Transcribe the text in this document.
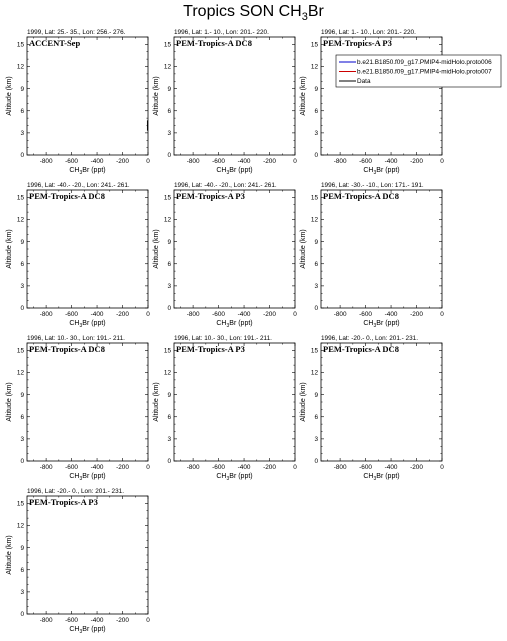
Tropics SON $CH_3Br$
1999, Lat: 25.- 35., Lon: 256.- 276.
0
3
6
9
12
15
-800 -600 -400 -200	0
$CH_3Br$ (ppt)
Altitude (km)
ACCENT-Sep
1996, Lat: 1.- 10., Lon: 201.- 220.
0
3
6
9
12
15
-800 -600 -400 -200	0
$CH_3Br$ (ppt)
Altitude (km)
PEM-Tropics-A DC8
1996, Lat: 1.- 10., Lon: 201.- 220.
0
3
6
9
12
15
-800 -600 -400 -200	0
$CH_3Br$ (ppt)
Altitude (km)
PEM-Tropics-A P3
1996, Lat: -40.- -20., Lon: 241.- 261.
0
3
6
9
12
15
-800 -600 -400 -200	0
$CH_3Br$ (ppt)
Altitude (km)
PEM-Tropics-A DC8
1996, Lat: -40.- -20., Lon: 241.- 261.
0
3
6
9
12
15
-800 -600 -400 -200	0
$CH_3Br$ (ppt)
Altitude (km)
PEM-Tropics-A P3
1996, Lat: -30.- -10., Lon: 171.- 191.
0
3
6
9
12
15
-800 -600 -400 -200	0
$CH_3Br$ (ppt)
Altitude (km)
PEM-Tropics-A DC8
1996, Lat: 10.- 30., Lon: 191.- 211.
0
3
6
9
12
15
-800 -600 -400 -200	0
$CH_3Br$ (ppt)
Altitude (km)
PEM-Tropics-A DC8
1996, Lat: 10.- 30., Lon: 191.- 211.
0
3
6
9
12
15
-800 -600 -400 -200	0
$CH_3Br$ (ppt)
Altitude (km)
PEM-Tropics-A P3
1996, Lat: -20.- 0., Lon: 201.- 231.
0
3
6
9
12
15
-800 -600 -400 -200	0
$CH_3Br$ (ppt)
Altitude (km)
PEM-Tropics-A DC8
1996, Lat: -20.- 0., Lon: 201.- 231.
0
3
6
9
12
15
-800 -600 -400 -200	0
$CH_3Br$ (ppt)
Altitude (km)
PEM-Tropics-A P3
b.e21.B1850.f09_g17.PMIP4-midHolo.proto006
b.e21.B1850.f09_g17.PMIP4-midHolo.proto007
Data
